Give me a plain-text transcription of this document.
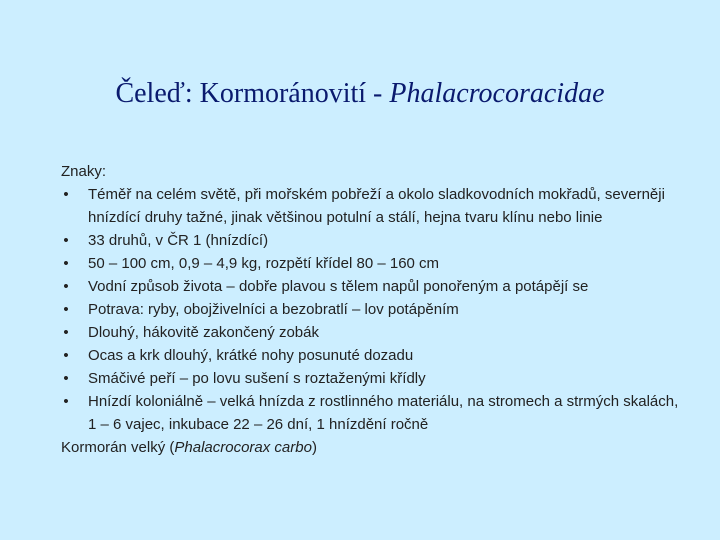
Čeleď: Kormoránovití - Phalacrocoracidae

Znaky:

• Téměř na celém světě, při mořském pobřeží a okolo sladkovodních mokřadů, severněji hnízdící druhy tažné, jinak většinou potulní a stálí, hejna tvaru klínu nebo linie
• 33 druhů, v ČR 1 (hnízdící)
• 50 – 100 cm, 0,9 – 4,9 kg, rozpětí křídel 80 – 160 cm
• Vodní způsob života – dobře plavou s tělem napůl ponořeným a potápějí se
• Potrava: ryby, obojživelníci a bezobratlí – lov potápěním
• Dlouhý, hákovitě zakončený zobák
• Ocas a krk dlouhý, krátké nohy posunuté dozadu
• Smáčivé peří – po lovu sušení s roztaženými křídly
• Hnízdí koloniálně – velká hnízda z rostlinného materiálu, na stromech a strmých skalách, 1 – 6 vajec, inkubace 22 – 26 dní, 1 hnízdění ročně

Kormorán velký (Phalacrocorax carbo)
